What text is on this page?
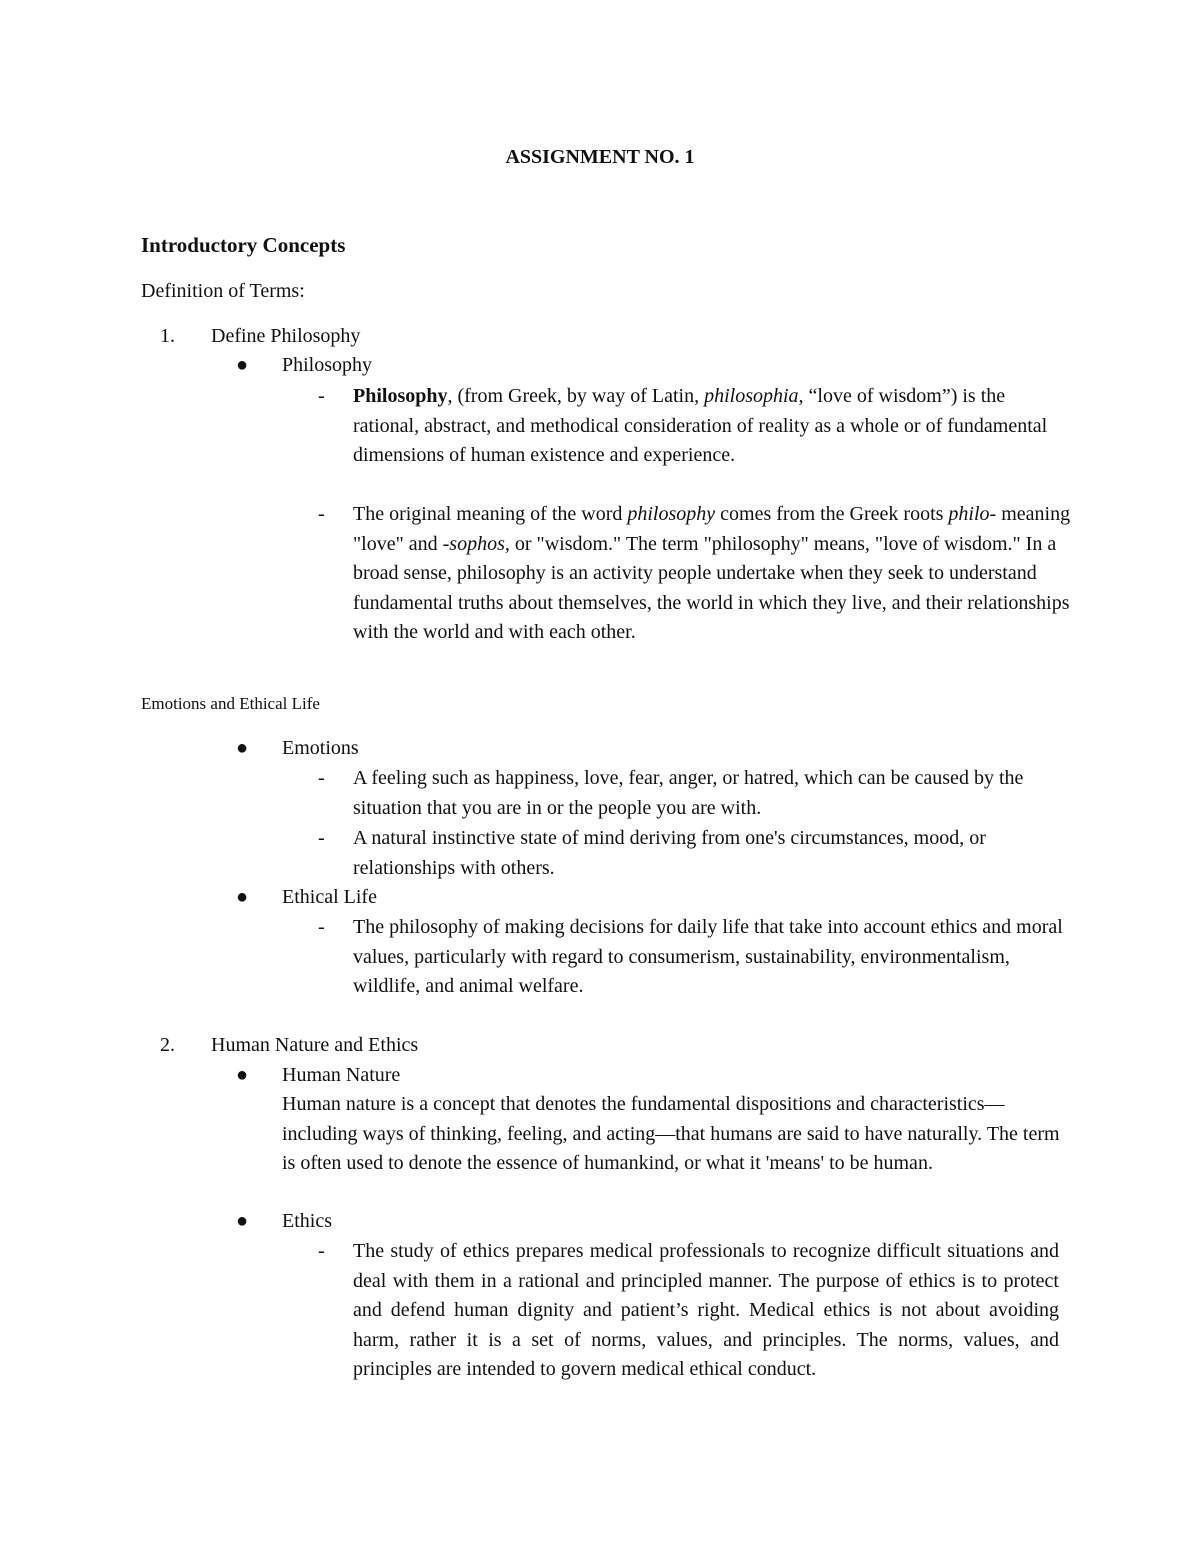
ASSIGNMENT NO. 1
Introductory Concepts
Definition of Terms:
1. Define Philosophy
● Philosophy
- Philosophy, (from Greek, by way of Latin, philosophia, “love of wisdom”) is the rational, abstract, and methodical consideration of reality as a whole or of fundamental dimensions of human existence and experience.

- The original meaning of the word philosophy comes from the Greek roots philo- meaning "love" and -sophos, or "wisdom." The term "philosophy" means, "love of wisdom." In a broad sense, philosophy is an activity people undertake when they seek to understand fundamental truths about themselves, the world in which they live, and their relationships with the world and with each other.

Emotions and Ethical Life
● Emotions
- A feeling such as happiness, love, fear, anger, or hatred, which can be caused by the situation that you are in or the people you are with.
- A natural instinctive state of mind deriving from one's circumstances, mood, or relationships with others.
● Ethical Life
- The philosophy of making decisions for daily life that take into account ethics and moral values, particularly with regard to consumerism, sustainability, environmentalism, wildlife, and animal welfare.
2. Human Nature and Ethics
● Human Nature
Human nature is a concept that denotes the fundamental dispositions and characteristics—including ways of thinking, feeling, and acting—that humans are said to have naturally. The term is often used to denote the essence of humankind, or what it 'means' to be human.
● Ethics
- The study of ethics prepares medical professionals to recognize difficult situations and deal with them in a rational and principled manner. The purpose of ethics is to protect and defend human dignity and patient’s right. Medical ethics is not about avoiding harm, rather it is a set of norms, values, and principles. The norms, values, and principles are intended to govern medical ethical conduct.
